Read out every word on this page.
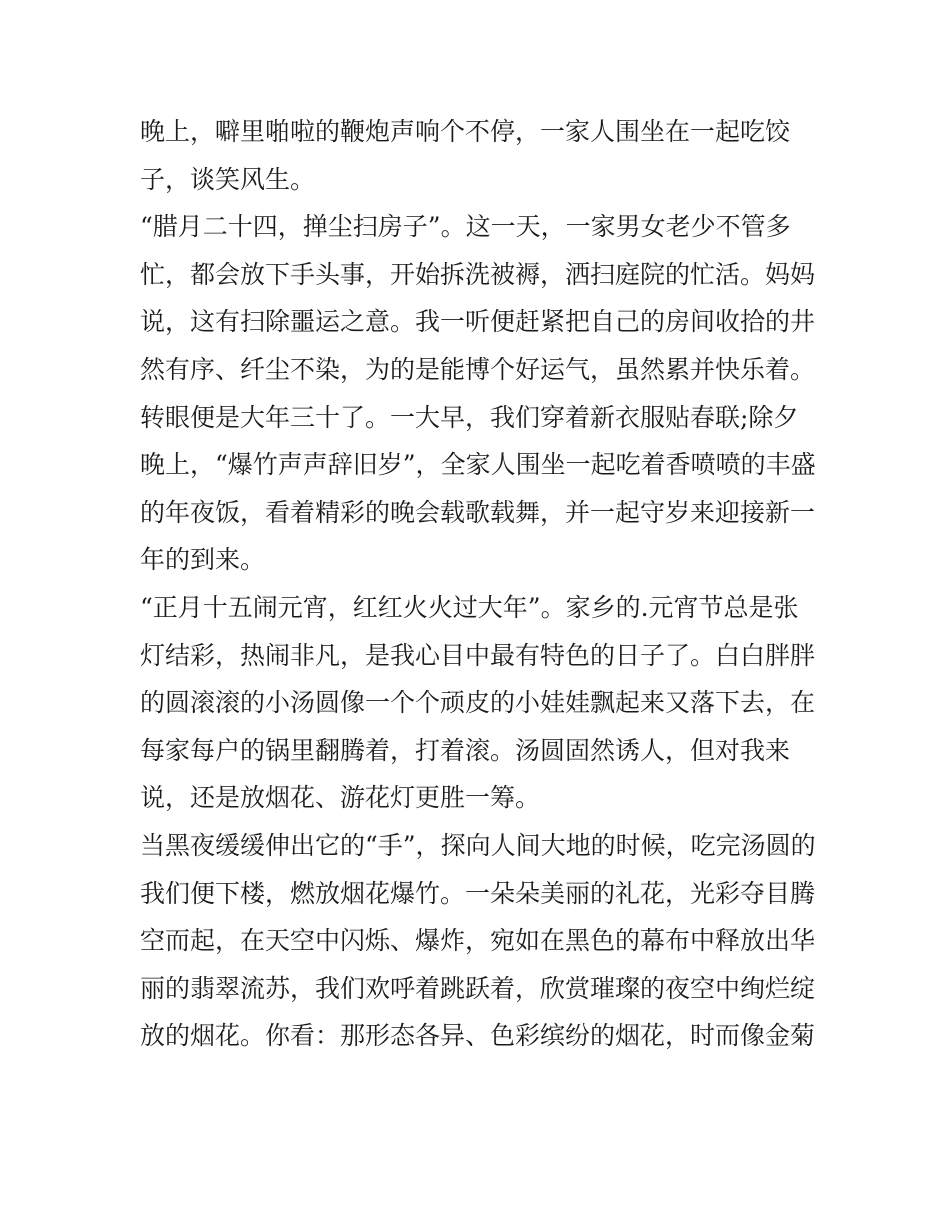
晚上，噼里啪啦的鞭炮声响个不停，一家人围坐在一起吃饺
子，谈笑风生。
“腊月二十四，掸尘扫房子”。这一天，一家男女老少不管多
忙，都会放下手头事，开始拆洗被褥，洒扫庭院的忙活。妈妈
说，这有扫除噩运之意。我一听便赶紧把自己的房间收拾的井
然有序、纤尘不染，为的是能博个好运气，虽然累并快乐着。
转眼便是大年三十了。一大早，我们穿着新衣服贴春联;除夕
晚上，“爆竹声声辞旧岁”，全家人围坐一起吃着香喷喷的丰盛
的年夜饭，看着精彩的晚会载歌载舞，并一起守岁来迎接新一
年的到来。
“正月十五闹元宵，红红火火过大年”。家乡的.元宵节总是张
灯结彩，热闹非凡，是我心目中最有特色的日子了。白白胖胖
的圆滚滚的小汤圆像一个个顽皮的小娃娃飘起来又落下去，在
每家每户的锅里翻腾着，打着滚。汤圆固然诱人，但对我来
说，还是放烟花、游花灯更胜一筹。
当黑夜缓缓伸出它的“手”，探向人间大地的时候，吃完汤圆的
我们便下楼，燃放烟花爆竹。一朵朵美丽的礼花，光彩夺目腾
空而起，在天空中闪烁、爆炸，宛如在黑色的幕布中释放出华
丽的翡翠流苏，我们欢呼着跳跃着，欣赏璀璨的夜空中绚烂绽
放的烟花。你看：那形态各异、色彩缤纷的烟花，时而像金菊
